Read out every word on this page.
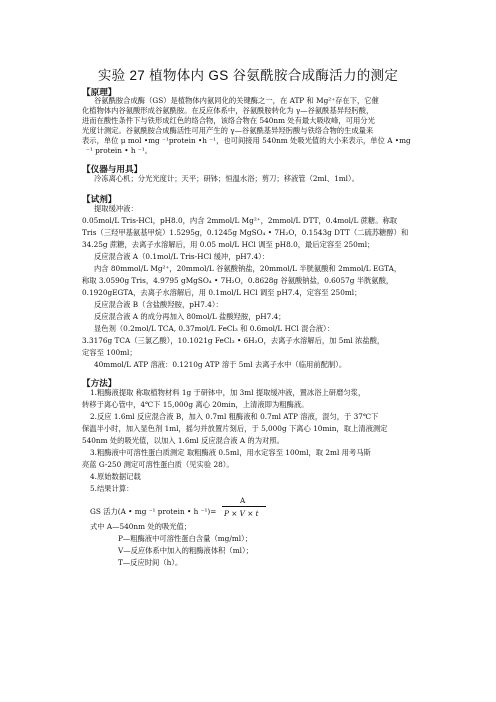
实验 27 植物体内 GS 谷氨酰胺合成酶活力的测定
【原理】
谷氨酰胺合成酶（GS）是植物体内氨同化的关键酶之一，在 ATP 和 Mg²⁺存在下，它催
化植物体内谷氨酸形成谷氨酰胺。在反应体系中，谷氨酰胺转化为 γ—谷氨酰基异羟肟酸，
进而在酸性条件下与铁形成红色的络合物，该络合物在 540nm 处有最大吸收峰，可用分光
光度计测定。谷氨酰胺合成酶活性可用产生的 γ—谷氨酰基异羟肟酸与铁络合物的生成量来
表示，单位 μ mol •mg ⁻¹protein •h ⁻¹，也可间接用 540nm 处吸光值的大小来表示，单位 A •mg
⁻¹ protein • h ⁻¹。
【仪器与用具】
冷冻离心机；分光光度计；天平；研钵；恒温水浴；剪刀；移液管（2ml、1ml）。
【试剂】
提取缓冲液：
0.05mol/L Tris-HCl，pH8.0，内含 2mmol/L Mg²⁺，2mmol/L DTT，0.4mol/L 蔗糖。称取
Tris（三羟甲基氨基甲烷）1.5295g，0.1245g MgSO₄ • 7H₂O，0.1543g DTT（二硫苏糖醇）和
34.25g 蔗糖，去离子水溶解后，用 0.05 mol/L HCl 调至 pH8.0，最后定容至 250ml；
反应混合液 A（0.1mol/L Tris-HCl 缓冲，pH7.4）：
内含 80mmol/L Mg²⁺，20mmol/L 谷氨酸钠盐，20mmol/L 半胱氨酸和 2mmol/L EGTA，
称取 3.0590g Tris，4.9795 gMgSO₄ • 7H₂O，0.8628g 谷氨酸钠盐，0.6057g 半胱氨酸，
0.1920gEGTA，去离子水溶解后，用 0.1mol/L HCl 调至 pH7.4，定容至 250ml；
反应混合液 B（含盐酸羟胺，pH7.4）：
反应混合液 A 的成分再加入 80mol/L 盐酸羟胺，pH7.4；
显色剂（0.2mol/L TCA, 0.37mol/L FeCl₃ 和 0.6mol/L HCl 混合液）：
3.3176g TCA（三氯乙酸），10.1021g FeCl₃ • 6H₂O，去离子水溶解后，加 5ml 浓盐酸，
定容至 100ml；
40mmol/L ATP 溶液：0.1210g ATP 溶于 5ml 去离子水中（临用前配制）。
【方法】
1.粗酶液提取 称取植物材料 1g 于研钵中，加 3ml 提取缓冲液，置冰浴上研磨匀浆，
转移于离心管中，4℃下 15,000g 离心 20min，上清液即为粗酶液。
2.反应 1.6ml 反应混合液 B，加入 0.7ml 粗酶液和 0.7ml ATP 溶液，混匀，于 37℃下
保温半小时，加入显色剂 1ml，摇匀并放置片刻后，于 5,000g 下离心 10min，取上清液测定
540nm 处的吸光值，以加入 1.6ml 反应混合液 A 的为对照。
3.粗酶液中可溶性蛋白质测定 取粗酶液 0.5ml，用水定容至 100ml，取 2ml 用考马斯
亮蓝 G-250 测定可溶性蛋白质（见实验 28）。
4.原始数据记载
5.结果计算：
A
GS 活力(A • mg ⁻¹ protein • h ⁻¹)= P × V × t
式中 A—540nm 处的吸光值；
P—粗酶液中可溶性蛋白含量（mg/ml）；
V—反应体系中加入的粗酶液体积（ml）；
T—反应时间（h）。
